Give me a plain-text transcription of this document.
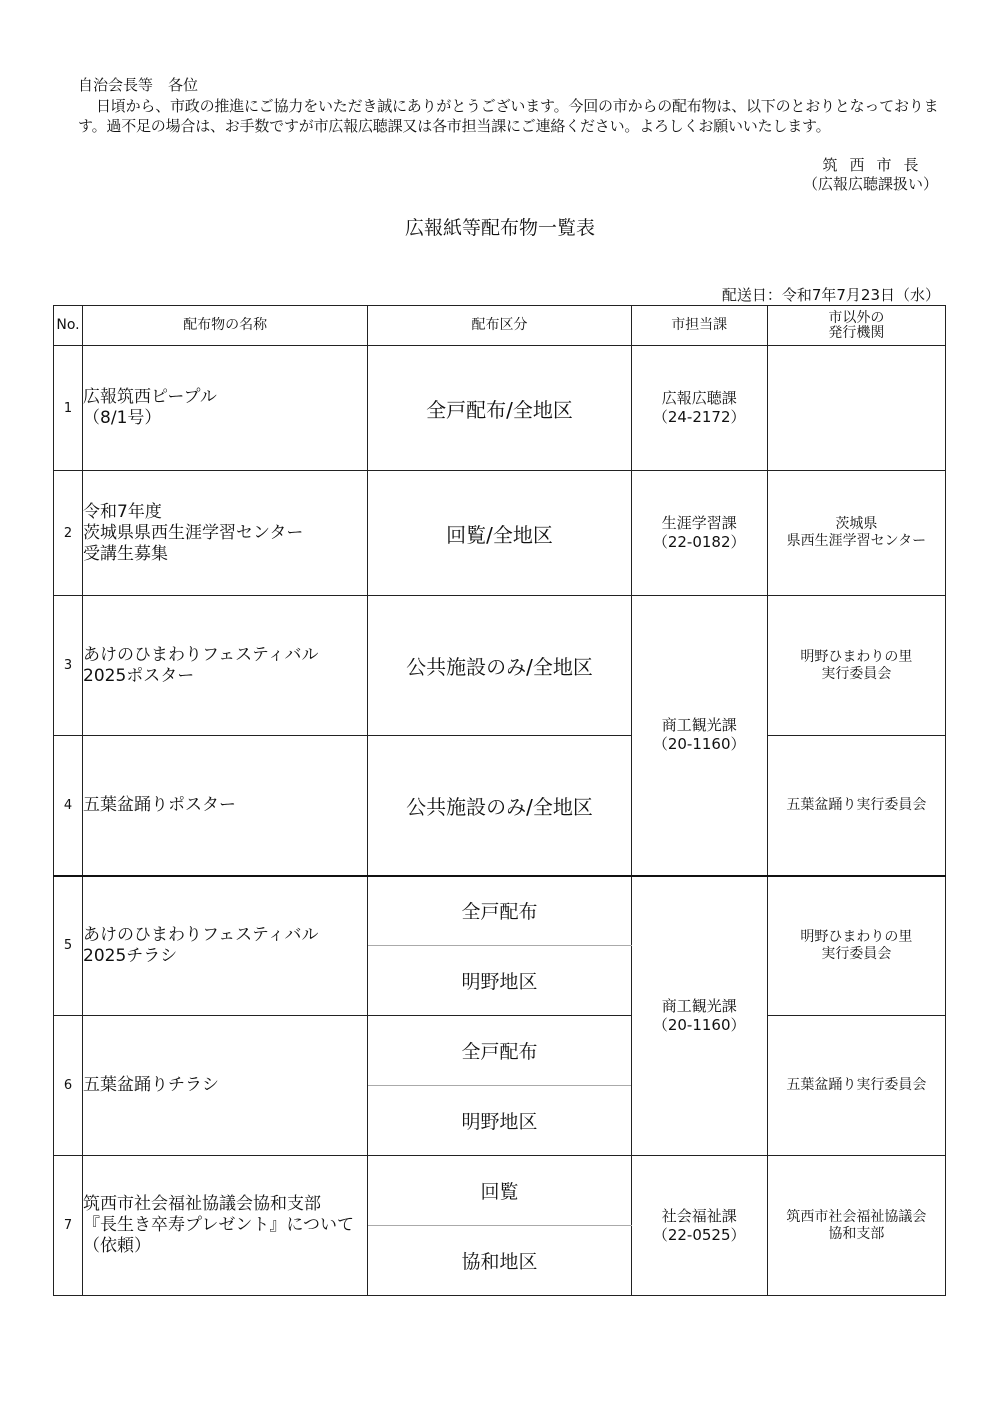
自治会長等　各位
日頃から、市政の推進にご協力をいただき誠にありがとうございます。今回の市からの配布物は、以下のとおりとなっております。過不足の場合は、お手数ですが市広報広聴課又は各市担当課にご連絡ください。よろしくお願いいたします。
筑西市長
（広報広聴課扱い）
広報紙等配布物一覧表
配送日：令和7年7月23日（水）
No.	配布物の名称	配布区分	市担当課	市以外の
発行機関

1	広報筑西ピープル
（8/1号）	全戸配布/全地区	広報広聴課
（24-2172）	

2	令和7年度
茨城県県西生涯学習センター
受講生募集	回覧/全地区	生涯学習課
（22-0182）	茨城県
県西生涯学習センター

3	あけのひまわりフェスティバル
2025ポスター	公共施設のみ/全地区	商工観光課
（20-1160）	明野ひまわりの里
実行委員会

4	五葉盆踊りポスター	公共施設のみ/全地区		五葉盆踊り実行委員会

5	あけのひまわりフェスティバル
2025チラシ	全戸配布	商工観光課
（20-1160）	明野ひまわりの里
実行委員会

		明野地区		
6	五葉盆踊りチラシ	全戸配布		五葉盆踊り実行委員会

		明野地区		
7	筑西市社会福祉協議会協和支部
『長生き卒寿プレゼント』について
（依頼）	回覧	社会福祉課
（22-0525）	筑西市社会福祉協議会
協和支部

		協和地区		
